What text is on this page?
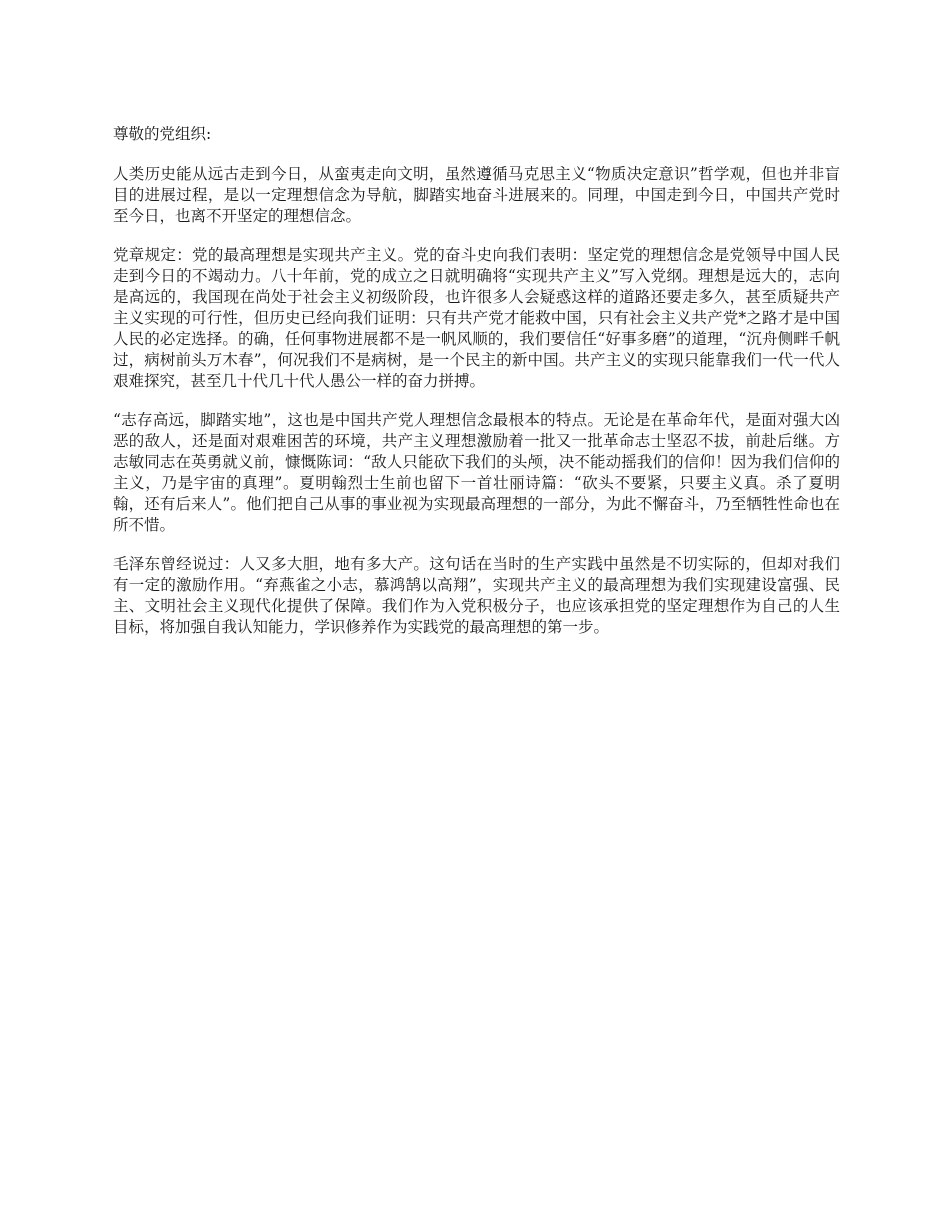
尊敬的党组织:

人类历史能从远古走到今日，从蛮夷走向文明，虽然遵循马克思主义“物质决定意识”哲学观，但也并非盲目的进展过程，是以一定理想信念为导航，脚踏实地奋斗进展来的。同理，中国走到今日，中国共产党时至今日，也离不开坚定的理想信念。

党章规定：党的最高理想是实现共产主义。党的奋斗史向我们表明：坚定党的理想信念是党领导中国人民走到今日的不竭动力。八十年前，党的成立之日就明确将“实现共产主义”写入党纲。理想是远大的，志向是高远的，我国现在尚处于社会主义初级阶段，也许很多人会疑惑这样的道路还要走多久，甚至质疑共产主义实现的可行性，但历史已经向我们证明：只有共产党才能救中国，只有社会主义共产党*之路才是中国人民的必定选择。的确，任何事物进展都不是一帆风顺的，我们要信任“好事多磨”的道理，“沉舟侧畔千帆过，病树前头万木春”，何况我们不是病树，是一个民主的新中国。共产主义的实现只能靠我们一代一代人艰难探究，甚至几十代几十代人愚公一样的奋力拼搏。

“志存高远，脚踏实地”，这也是中国共产党人理想信念最根本的特点。无论是在革命年代，是面对强大凶恶的敌人，还是面对艰难困苦的环境，共产主义理想激励着一批又一批革命志士坚忍不拔，前赴后继。方志敏同志在英勇就义前，慷慨陈词：“敌人只能砍下我们的头颅，决不能动摇我们的信仰！因为我们信仰的主义，乃是宇宙的真理”。夏明翰烈士生前也留下一首壮丽诗篇：“砍头不要紧，只要主义真。杀了夏明翰，还有后来人”。他们把自己从事的事业视为实现最高理想的一部分，为此不懈奋斗，乃至牺牲性命也在所不惜。

毛泽东曾经说过：人又多大胆，地有多大产。这句话在当时的生产实践中虽然是不切实际的，但却对我们有一定的激励作用。“弃燕雀之小志，慕鸿鹄以高翔”，实现共产主义的最高理想为我们实现建设富强、民主、文明社会主义现代化提供了保障。我们作为入党积极分子，也应该承担党的坚定理想作为自己的人生目标，将加强自我认知能力，学识修养作为实践党的最高理想的第一步。
